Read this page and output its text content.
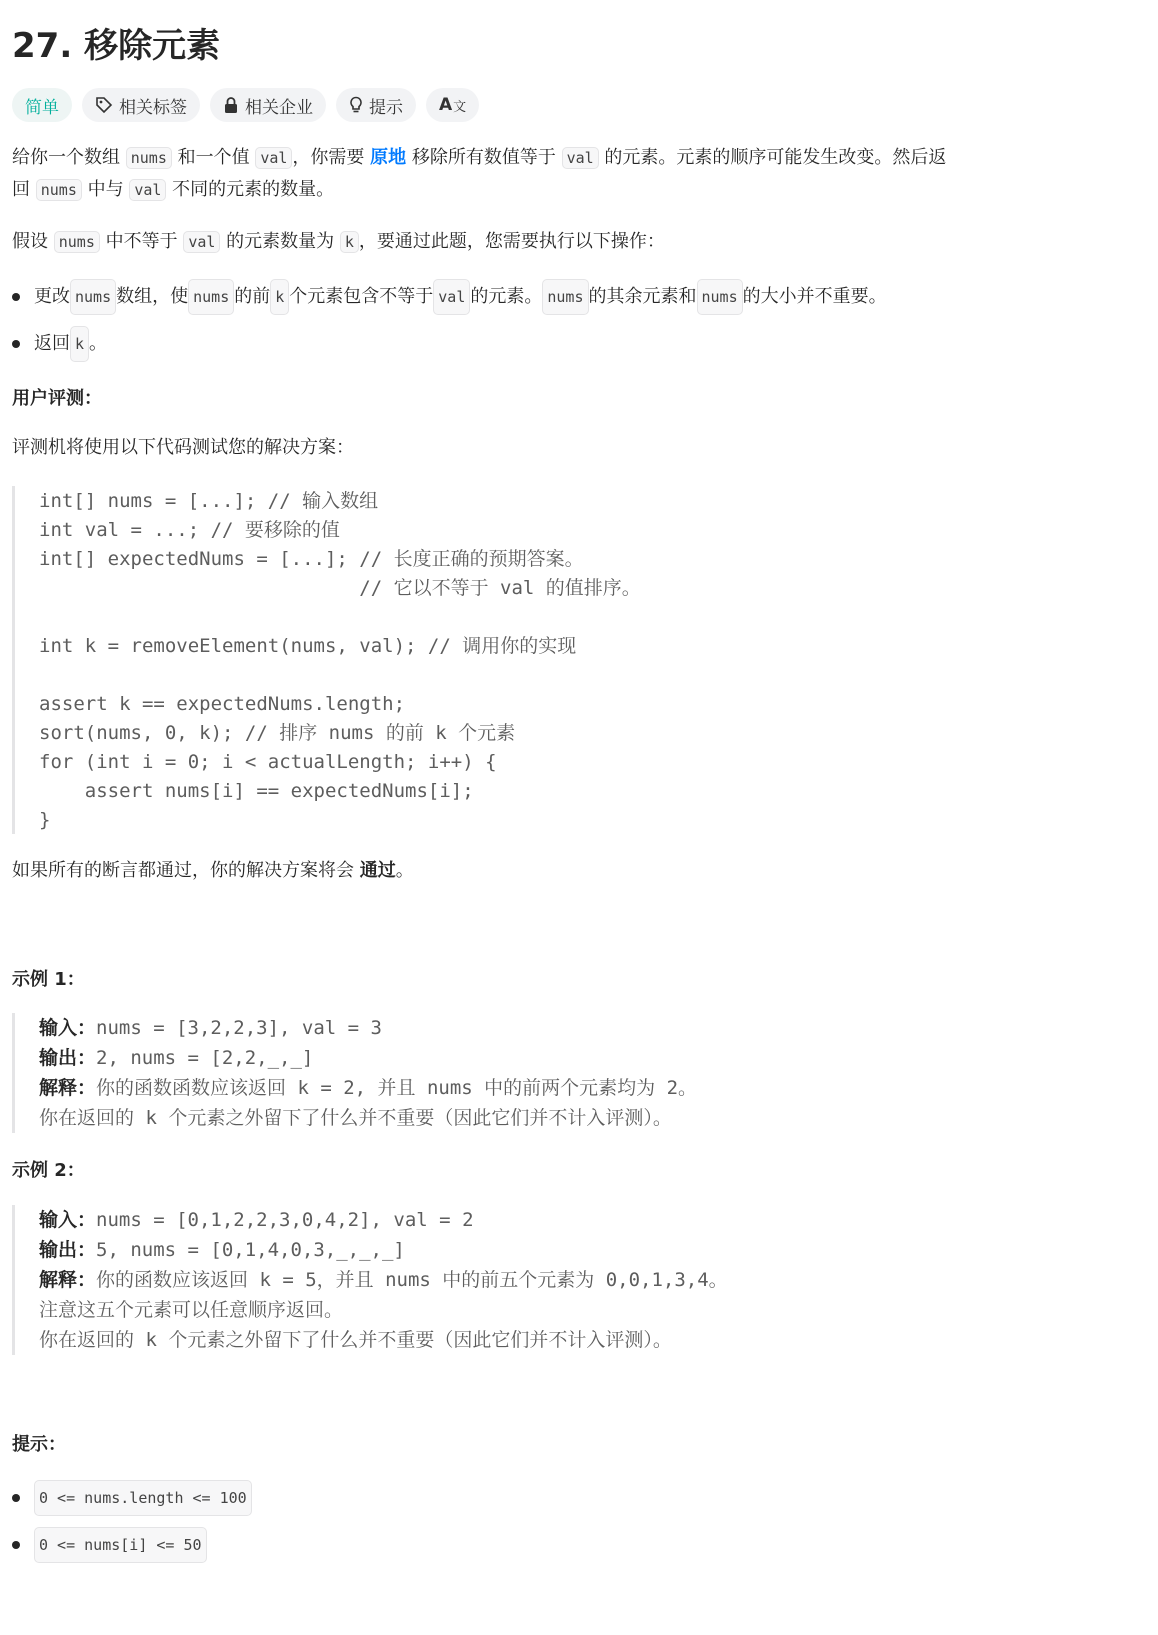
27. 移除元素
简单	相关标签	相关企业	提示 A 文

给你一个数组 nums 和一个值 val ，你需要 原地 移除所有数值等于 val 的元素。元素的顺序可能发生改变。然后返
回 nums 中与 val 不同的元素的数量。

假设 nums 中不等于 val 的元素数量为 k ，要通过此题，您需要执行以下操作：

更改 nums 数组，使 nums 的前 k 个元素包含不等于 val 的元素。 nums 的其余元素和 nums 的大小并不重要。
返回 k 。
用户评测：

评测机将使用以下代码测试您的解决方案：

int[] nums = [...]; // 输入数组
int val = ...; // 要移除的值
int[] expectedNums = [...]; // 长度正确的预期答案。
// 它以不等于 val 的值排序。
int k = removeElement(nums, val); // 调用你的实现
assert k == expectedNums.length;
sort(nums, 0, k); // 排序 nums 的前 k 个元素
for (int i = 0; i < actualLength; i++) {
assert nums[i] == expectedNums[i];
}

如果所有的断言都通过，你的解决方案将会 通过。

示例 1：
输入：nums = [3,2,2,3], val = 3
输出：2, nums = [2,2,_,_]
解释：你的函数函数应该返回 k = 2, 并且 nums 中的前两个元素均为 2。
你在返回的 k 个元素之外留下了什么并不重要（因此它们并不计入评测）。
示例 2：
输入：nums = [0,1,2,2,3,0,4,2], val = 2
输出：5, nums = [0,1,4,0,3,_,_,_]
解释：你的函数应该返回 k = 5，并且 nums 中的前五个元素为 0,0,1,3,4。
注意这五个元素可以任意顺序返回。
你在返回的 k 个元素之外留下了什么并不重要（因此它们并不计入评测）。
提示：
0 <= nums.length <= 100
0 <= nums[i] <= 50
